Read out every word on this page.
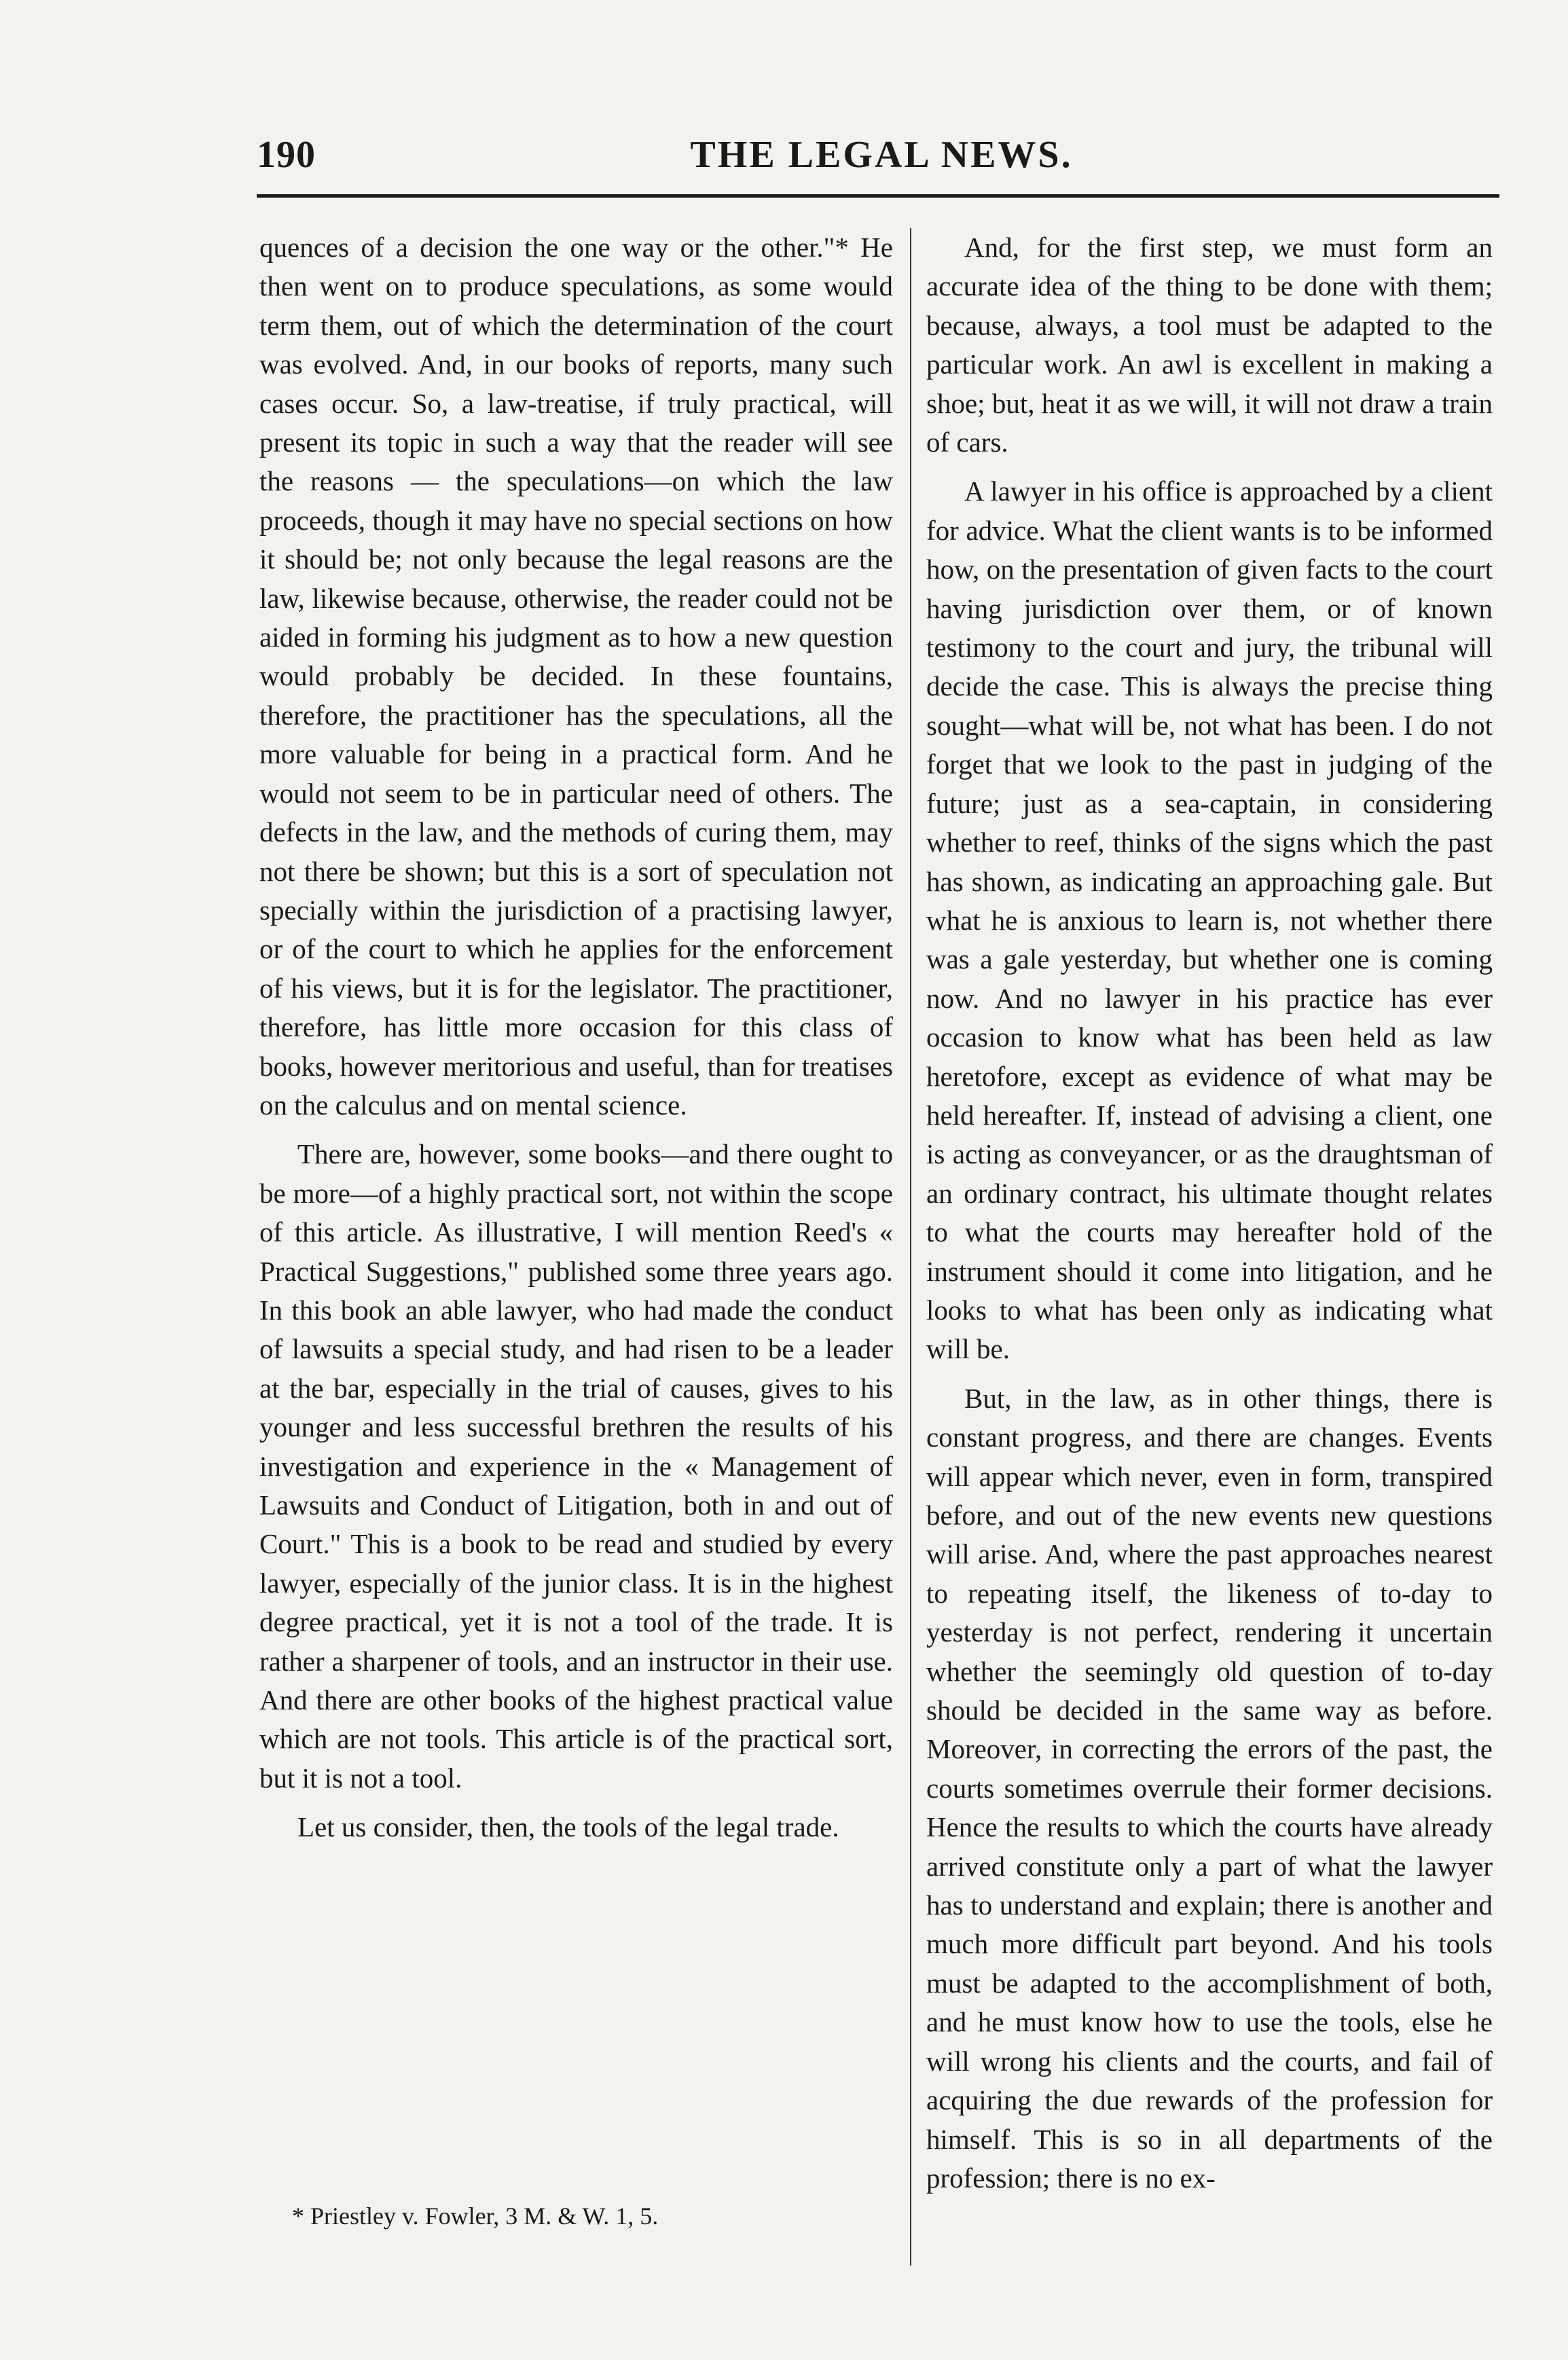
190	THE LEGAL NEWS.

quences of a decision the one way or the other."* He then went on to produce speculations, as some would term them, out of which the determination of the court was evolved. And, in our books of reports, many such cases occur. So, a law-treatise, if truly practical, will present its topic in such a way that the reader will see the reasons — the speculations—on which the law proceeds, though it may have no special sections on how it should be; not only because the legal reasons are the law, likewise because, otherwise, the reader could not be aided in forming his judgment as to how a new question would probably be decided. In these fountains, therefore, the practitioner has the speculations, all the more valuable for being in a practical form. And he would not seem to be in particular need of others. The defects in the law, and the methods of curing them, may not there be shown; but this is a sort of speculation not specially within the jurisdiction of a practising lawyer, or of the court to which he applies for the enforcement of his views, but it is for the legislator. The practitioner, therefore, has little more occasion for this class of books, however meritorious and useful, than for treatises on the calculus and on mental science.

There are, however, some books—and there ought to be more—of a highly practical sort, not within the scope of this article. As illustrative, I will mention Reed's « Practical Suggestions," published some three years ago. In this book an able lawyer, who had made the conduct of lawsuits a special study, and had risen to be a leader at the bar, especially in the trial of causes, gives to his younger and less successful brethren the results of his investigation and experience in the « Management of Lawsuits and Conduct of Litigation, both in and out of Court." This is a book to be read and studied by every lawyer, especially of the junior class. It is in the highest degree practical, yet it is not a tool of the trade. It is rather a sharpener of tools, and an instructor in their use. And there are other books of the highest practical value which are not tools. This article is of the practical sort, but it is not a tool.

Let us consider, then, the tools of the legal trade.

And, for the first step, we must form an accurate idea of the thing to be done with them; because, always, a tool must be adapted to the particular work. An awl is excellent in making a shoe; but, heat it as we will, it will not draw a train of cars.

A lawyer in his office is approached by a client for advice. What the client wants is to be informed how, on the presentation of given facts to the court having jurisdiction over them, or of known testimony to the court and jury, the tribunal will decide the case. This is always the precise thing sought—what will be, not what has been. I do not forget that we look to the past in judging of the future; just as a sea-captain, in considering whether to reef, thinks of the signs which the past has shown, as indicating an approaching gale. But what he is anxious to learn is, not whether there was a gale yesterday, but whether one is coming now. And no lawyer in his practice has ever occasion to know what has been held as law heretofore, except as evidence of what may be held hereafter. If, instead of advising a client, one is acting as conveyancer, or as the draughtsman of an ordinary contract, his ultimate thought relates to what the courts may hereafter hold of the instrument should it come into litigation, and he looks to what has been only as indicating what will be.

But, in the law, as in other things, there is constant progress, and there are changes. Events will appear which never, even in form, transpired before, and out of the new events new questions will arise. And, where the past approaches nearest to repeating itself, the likeness of to-day to yesterday is not perfect, rendering it uncertain whether the seemingly old question of to-day should be decided in the same way as before. Moreover, in correcting the errors of the past, the courts sometimes overrule their former decisions. Hence the results to which the courts have already arrived constitute only a part of what the lawyer has to understand and explain; there is another and much more difficult part beyond. And his tools must be adapted to the accomplishment of both, and he must know how to use the tools, else he will wrong his clients and the courts, and fail of acquiring the due rewards of the profession for himself. This is so in all departments of the profession; there is no ex-

* Priestley v. Fowler, 3 M. & W. 1, 5.
